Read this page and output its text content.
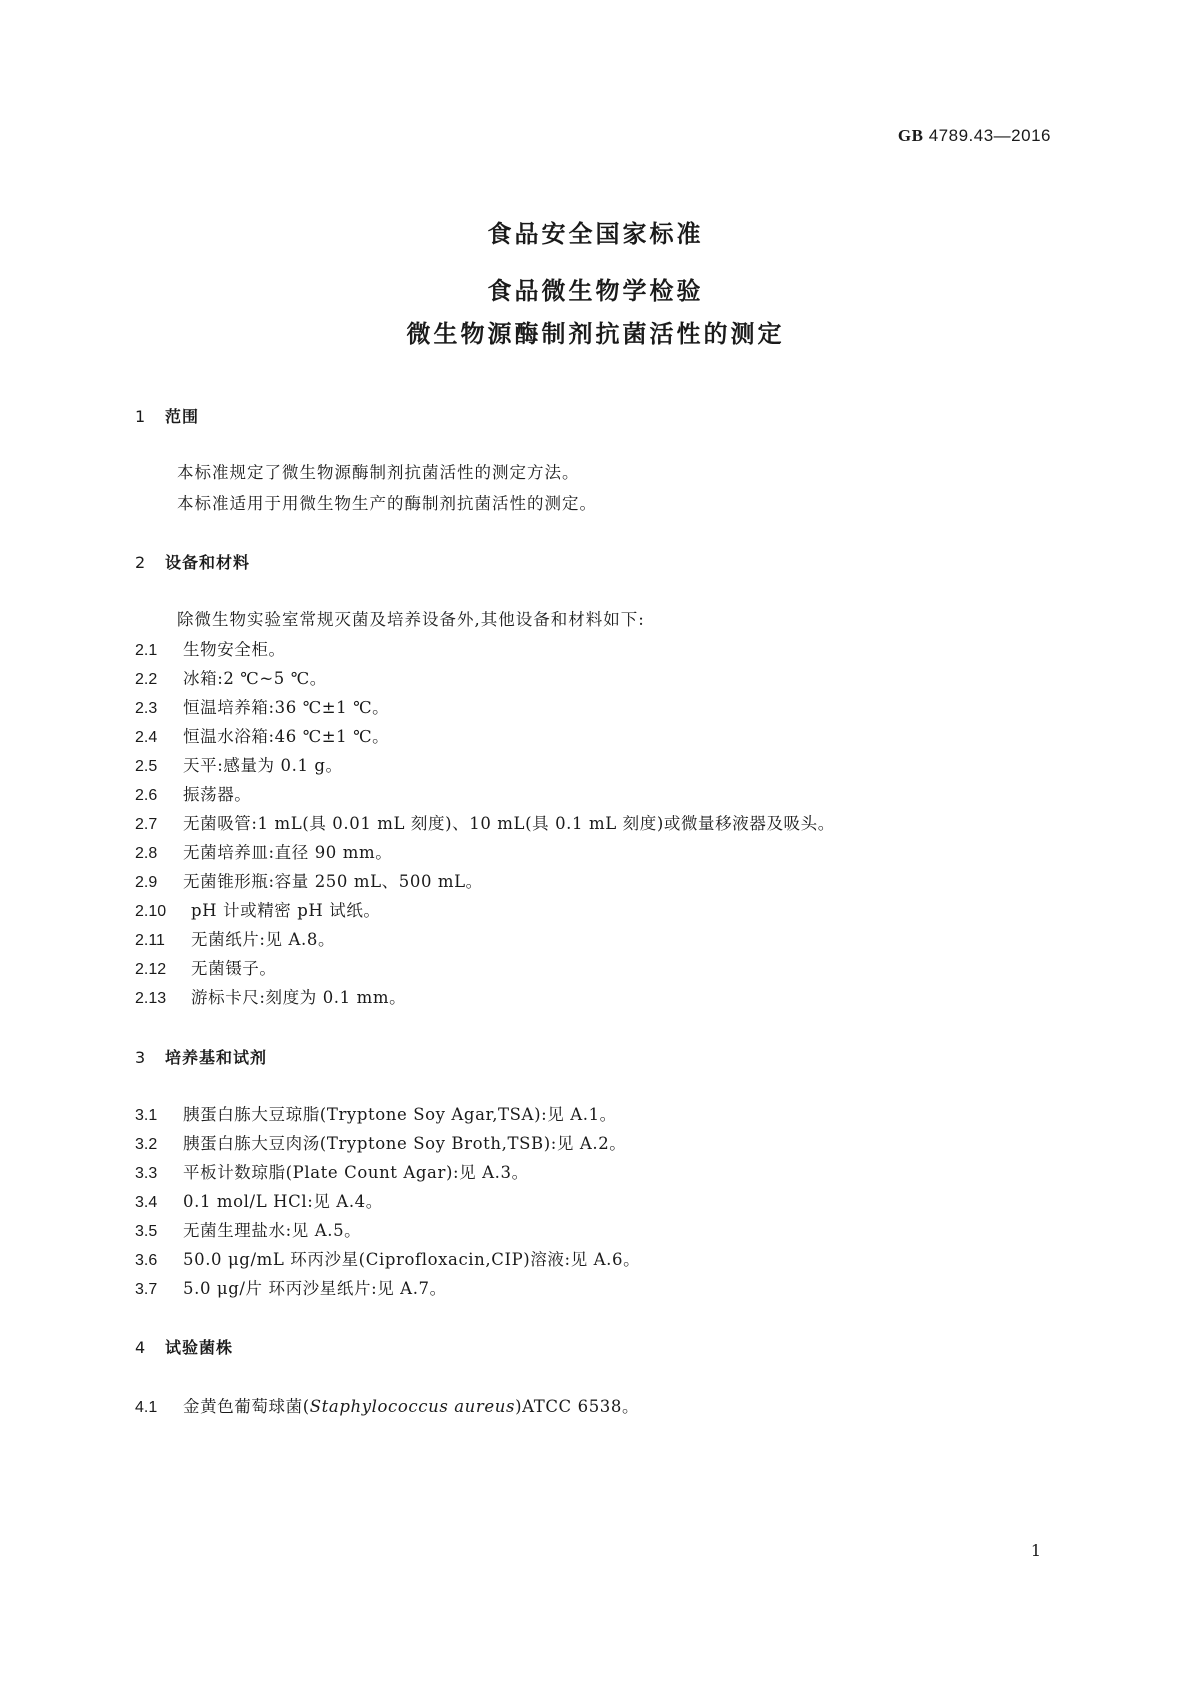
GB 4789.43—2016
食品安全国家标准
食品微生物学检验
微生物源酶制剂抗菌活性的测定
1 范围
本标准规定了微生物源酶制剂抗菌活性的测定方法。
本标准适用于用微生物生产的酶制剂抗菌活性的测定。
2 设备和材料
除微生物实验室常规灭菌及培养设备外,其他设备和材料如下:
2.1 生物安全柜。
2.2 冰箱:2 ℃~5 ℃。
2.3 恒温培养箱:36 ℃±1 ℃。
2.4 恒温水浴箱:46 ℃±1 ℃。
2.5 天平:感量为 0.1 g。
2.6 振荡器。
2.7 无菌吸管:1 mL(具 0.01 mL 刻度)、10 mL(具 0.1 mL 刻度)或微量移液器及吸头。
2.8 无菌培养皿:直径 90 mm。
2.9 无菌锥形瓶:容量 250 mL、500 mL。
2.10 pH 计或精密 pH 试纸。
2.11 无菌纸片:见 A.8。
2.12 无菌镊子。
2.13 游标卡尺:刻度为 0.1 mm。
3 培养基和试剂
3.1 胰蛋白胨大豆琼脂(Tryptone Soy Agar,TSA):见 A.1。
3.2 胰蛋白胨大豆肉汤(Tryptone Soy Broth,TSB):见 A.2。
3.3 平板计数琼脂(Plate Count Agar):见 A.3。
3.4 0.1 mol/L HCl:见 A.4。
3.5 无菌生理盐水:见 A.5。
3.6 50.0 μg/mL 环丙沙星(Ciprofloxacin,CIP)溶液:见 A.6。
3.7 5.0 μg/片 环丙沙星纸片:见 A.7。
4 试验菌株
4.1 金黄色葡萄球菌(Staphylococcus aureus)ATCC 6538。
1
